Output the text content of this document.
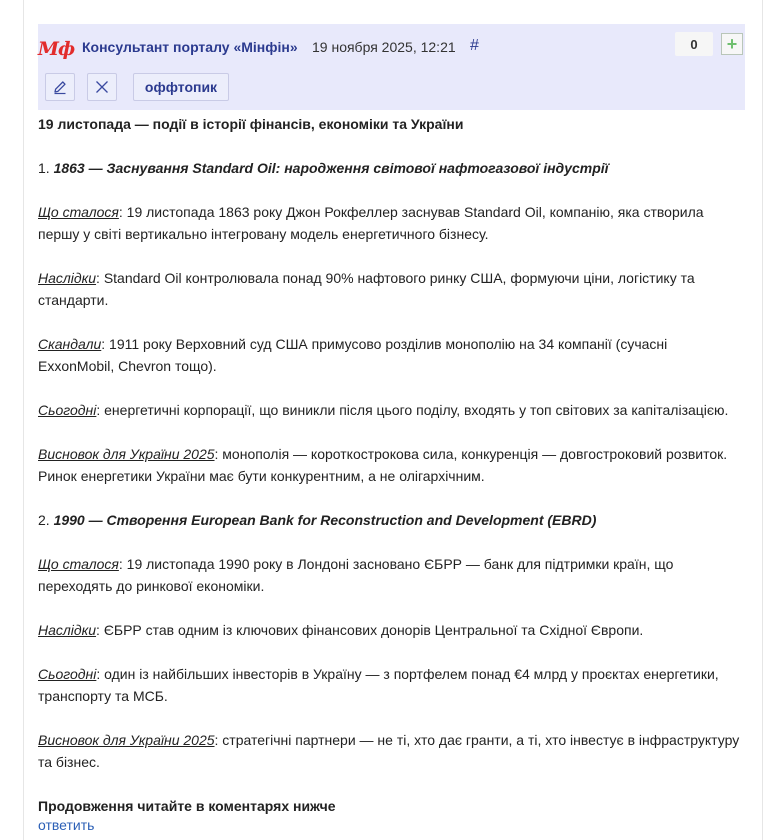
Мф Консультант порталу «Мінфін» 19 ноября 2025, 12:21 #	0	+
оффтопик

19 листопада — події в історії фінансів, економіки та України

1. 1863 — Заснування Standard Oil: народження світової нафтогазової індустрії

Що сталося: 19 листопада 1863 року Джон Рокфеллер заснував Standard Oil, компанію, яка створила першу у світі вертикально інтегровану модель енергетичного бізнесу.

Наслідки: Standard Oil контролювала понад 90% нафтового ринку США, формуючи ціни, логістику та стандарти.

Скандали: 1911 року Верховний суд США примусово розділив монополію на 34 компанії (сучасні ExxonMobil, Chevron тощо).

Сьогодні: енергетичні корпорації, що виникли після цього поділу, входять у топ світових за капіталізацією.

Висновок для України 2025: монополія — короткострокова сила, конкуренція — довгостроковий розвиток. Ринок енергетики України має бути конкурентним, а не олігархічним.

2. 1990 — Створення European Bank for Reconstruction and Development (EBRD)

Що сталося: 19 листопада 1990 року в Лондоні засновано ЄБРР — банк для підтримки країн, що переходять до ринкової економіки.

Наслідки: ЄБРР став одним із ключових фінансових донорів Центральної та Східної Європи.

Сьогодні: один із найбільших інвесторів в Україну — з портфелем понад €4 млрд у проєктах енергетики, транспорту та МСБ.

Висновок для України 2025: стратегічні партнери — не ті, хто дає гранти, а ті, хто інвестує в інфраструктуру та бізнес.

Продовження читайте в коментарях нижче

ответить
